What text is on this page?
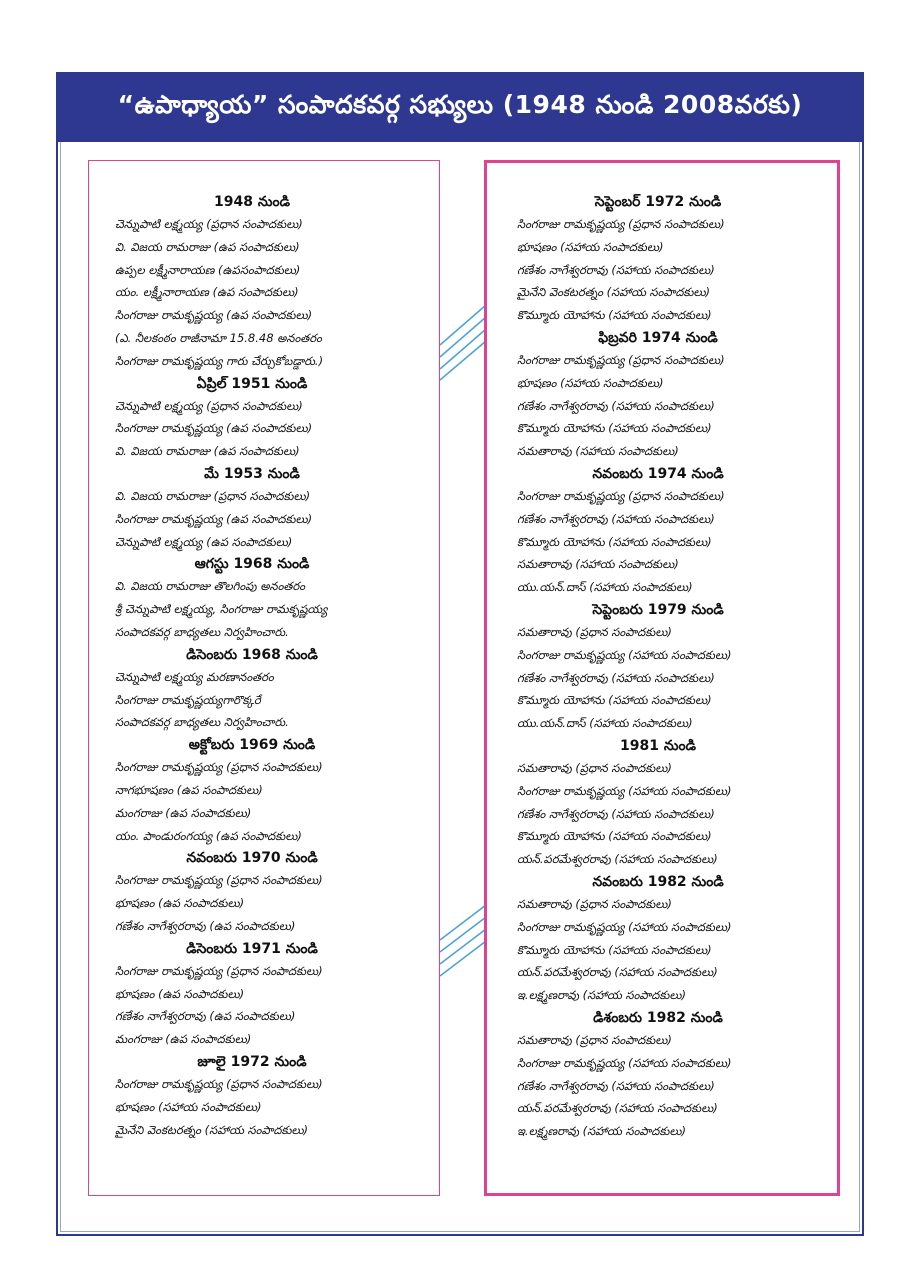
“ఉపాధ్యాయ” సంపాదకవర్గ సభ్యులు (1948 నుండి 2008వరకు)
1948 నుండి
చెన్నుపాటి లక్ష్మయ్య (ప్రధాన సంపాదకులు)
వి. విజయ రామరాజు (ఉప సంపాదకులు)
ఉప్పల లక్ష్మీనారాయణ (ఉపసంపాదకులు)
యం. లక్ష్మీనారాయణ (ఉప సంపాదకులు)
సింగరాజు రామకృష్ణయ్య (ఉప సంపాదకులు)
(ఎ. నీలకంఠం రాజీనామా 15.8.48 అనంతరం
సింగరాజు రామకృష్ణయ్య గారు చేర్చుకోబడ్డారు.)
ఏప్రిల్ 1951 నుండి
చెన్నుపాటి లక్ష్మయ్య (ప్రధాన సంపాదకులు)
సింగరాజు రామకృష్ణయ్య (ఉప సంపాదకులు)
వి. విజయ రామరాజు (ఉప సంపాదకులు)
మే 1953 నుండి
వి. విజయ రామరాజు (ప్రధాన సంపాదకులు)
సింగరాజు రామకృష్ణయ్య (ఉప సంపాదకులు)
చెన్నుపాటి లక్ష్మయ్య (ఉప సంపాదకులు)
ఆగస్టు 1968 నుండి
వి. విజయ రామరాజు తొలగింపు అనంతరం
శ్రీ చెన్నుపాటి లక్ష్మయ్య, సింగరాజు రామకృష్ణయ్య
సంపాదకవర్గ బాధ్యతలు నిర్వహించారు.
డిసెంబరు 1968 నుండి
చెన్నుపాటి లక్ష్మయ్య మరణానంతరం
సింగరాజు రామకృష్ణయ్యగారొక్కరే
సంపాదకవర్గ బాధ్యతలు నిర్వహించారు.
అక్టోబరు 1969 నుండి
సింగరాజు రామకృష్ణయ్య (ప్రధాన సంపాదకులు)
నాగభూషణం (ఉప సంపాదకులు)
మంగరాజు (ఉప సంపాదకులు)
యం. పాండురంగయ్య (ఉప సంపాదకులు)
నవంబరు 1970 నుండి
సింగరాజు రామకృష్ణయ్య (ప్రధాన సంపాదకులు)
భూషణం (ఉప సంపాదకులు)
గణేశం నాగేశ్వరరావు (ఉప సంపాదకులు)
డిసెంబరు 1971 నుండి
సింగరాజు రామకృష్ణయ్య (ప్రధాన సంపాదకులు)
భూషణం (ఉప సంపాదకులు)
గణేశం నాగేశ్వరరావు (ఉప సంపాదకులు)
మంగరాజు (ఉప సంపాదకులు)
జూలై 1972 నుండి
సింగరాజు రామకృష్ణయ్య (ప్రధాన సంపాదకులు)
భూషణం (సహాయ సంపాదకులు)
మైనేని వెంకటరత్నం (సహాయ సంపాదకులు)
సెప్టెంబర్ 1972 నుండి
సింగరాజు రామకృష్ణయ్య (ప్రధాన సంపాదకులు)
భూషణం (సహాయ సంపాదకులు)
గణేశం నాగేశ్వరరావు (సహాయ సంపాదకులు)
మైనేని వెంకటరత్నం (సహాయ సంపాదకులు)
కొమ్మూరు యోహాను (సహాయ సంపాదకులు)
ఫిబ్రవరి 1974 నుండి
సింగరాజు రామకృష్ణయ్య (ప్రధాన సంపాదకులు)
భూషణం (సహాయ సంపాదకులు)
గణేశం నాగేశ్వరరావు (సహాయ సంపాదకులు)
కొమ్మూరు యోహాను (సహాయ సంపాదకులు)
సమతారావు (సహాయ సంపాదకులు)
నవంబరు 1974 నుండి
సింగరాజు రామకృష్ణయ్య (ప్రధాన సంపాదకులు)
గణేశం నాగేశ్వరరావు (సహాయ సంపాదకులు)
కొమ్మూరు యోహాను (సహాయ సంపాదకులు)
సమతారావు (సహాయ సంపాదకులు)
యు.యన్.దాస్ (సహాయ సంపాదకులు)
సెప్టెంబరు 1979 నుండి
సమతారావు (ప్రధాన సంపాదకులు)
సింగరాజు రామకృష్ణయ్య (సహాయ సంపాదకులు)
గణేశం నాగేశ్వరరావు (సహాయ సంపాదకులు)
కొమ్మూరు యోహాను (సహాయ సంపాదకులు)
యు.యన్.దాస్ (సహాయ సంపాదకులు)
1981 నుండి
సమతారావు (ప్రధాన సంపాదకులు)
సింగరాజు రామకృష్ణయ్య (సహాయ సంపాదకులు)
గణేశం నాగేశ్వరరావు (సహాయ సంపాదకులు)
కొమ్మూరు యోహాను (సహాయ సంపాదకులు)
యన్.పరమేశ్వరరావు (సహాయ సంపాదకులు)
నవంబరు 1982 నుండి
సమతారావు (ప్రధాన సంపాదకులు)
సింగరాజు రామకృష్ణయ్య (సహాయ సంపాదకులు)
కొమ్మూరు యోహాను (సహాయ సంపాదకులు)
యన్.పరమేశ్వరరావు (సహాయ సంపాదకులు)
ఇ.లక్ష్మణరావు (సహాయ సంపాదకులు)
డిశంబరు 1982 నుండి
సమతారావు (ప్రధాన సంపాదకులు)
సింగరాజు రామకృష్ణయ్య (సహాయ సంపాదకులు)
గణేశం నాగేశ్వరరావు (సహాయ సంపాదకులు)
యన్.పరమేశ్వరరావు (సహాయ సంపాదకులు)
ఇ.లక్ష్మణరావు (సహాయ సంపాదకులు)
